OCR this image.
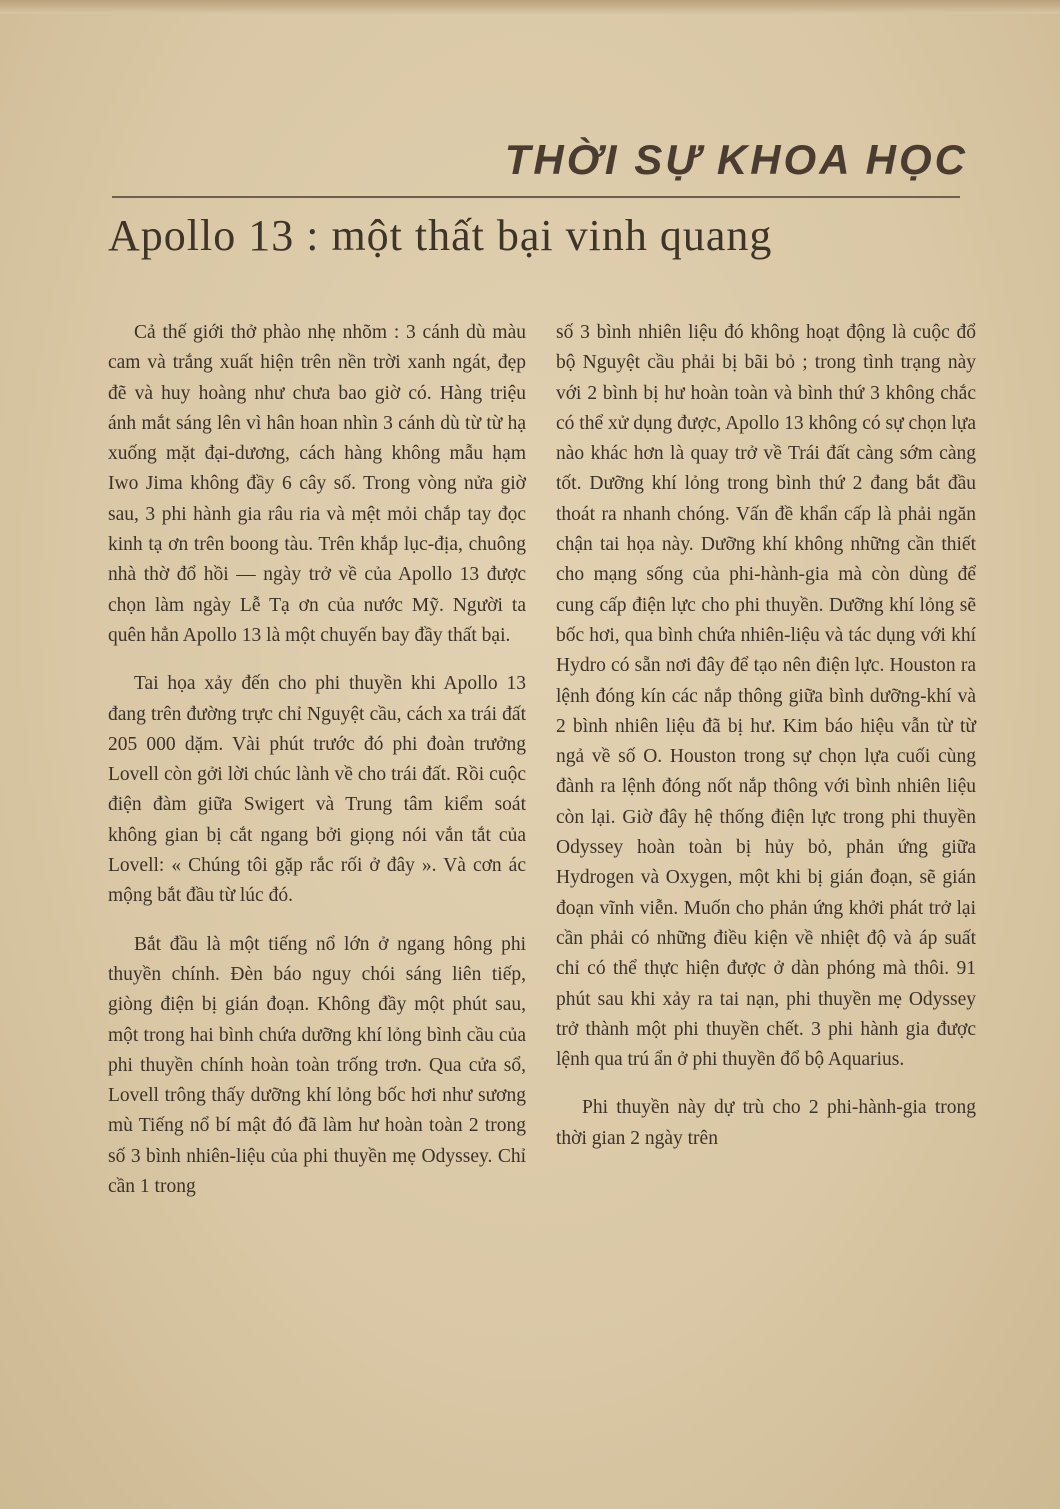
THỜI SỰ KHOA HỌC
Apollo 13 : một thất bại vinh quang

Cả thế giới thở phào nhẹ nhõm : 3 cánh dù màu cam và trắng xuất hiện trên nền trời xanh ngát, đẹp đẽ và huy hoàng như chưa bao giờ có. Hàng triệu ánh mắt sáng lên vì hân hoan nhìn 3 cánh dù từ từ hạ xuống mặt đại-dương, cách hàng không mẫu hạm Iwo Jima không đầy 6 cây số. Trong vòng nửa giờ sau, 3 phi hành gia râu ria và mệt mỏi chắp tay đọc kinh tạ ơn trên boong tàu. Trên khắp lục-địa, chuông nhà thờ đổ hồi — ngày trở về của Apollo 13 được chọn làm ngày Lễ Tạ ơn của nước Mỹ. Người ta quên hẳn Apollo 13 là một chuyến bay đầy thất bại.

Tai họa xảy đến cho phi thuyền khi Apollo 13 đang trên đường trực chỉ Nguyệt cầu, cách xa trái đất 205 000 dặm. Vài phút trước đó phi đoàn trưởng Lovell còn gởi lời chúc lành về cho trái đất. Rồi cuộc điện đàm giữa Swigert và Trung tâm kiểm soát không gian bị cắt ngang bởi giọng nói vắn tắt của Lovell: « Chúng tôi gặp rắc rối ở đây ». Và cơn ác mộng bắt đầu từ lúc đó.

Bắt đầu là một tiếng nổ lớn ở ngang hông phi thuyền chính. Đèn báo nguy chói sáng liên tiếp, giòng điện bị gián đoạn. Không đầy một phút sau, một trong hai bình chứa dưỡng khí lỏng bình cầu của phi thuyền chính hoàn toàn trống trơn. Qua cửa sổ, Lovell trông thấy dưỡng khí lỏng bốc hơi như sương mù Tiếng nổ bí mật đó đã làm hư hoàn toàn 2 trong số 3 bình nhiên-liệu của phi thuyền mẹ Odyssey. Chỉ cần 1 trong

số 3 bình nhiên liệu đó không hoạt động là cuộc đổ bộ Nguyệt cầu phải bị bãi bỏ ; trong tình trạng này với 2 bình bị hư hoàn toàn và bình thứ 3 không chắc có thể xử dụng được, Apollo 13 không có sự chọn lựa nào khác hơn là quay trở về Trái đất càng sớm càng tốt. Dưỡng khí lỏng trong bình thứ 2 đang bắt đầu thoát ra nhanh chóng. Vấn đề khẩn cấp là phải ngăn chận tai họa này. Dưỡng khí không những cần thiết cho mạng sống của phi-hành-gia mà còn dùng để cung cấp điện lực cho phi thuyền. Dưỡng khí lỏng sẽ bốc hơi, qua bình chứa nhiên-liệu và tác dụng với khí Hydro có sẵn nơi đây để tạo nên điện lực. Houston ra lệnh đóng kín các nắp thông giữa bình dưỡng-khí và 2 bình nhiên liệu đã bị hư. Kim báo hiệu vẫn từ từ ngả về số O. Houston trong sự chọn lựa cuối cùng đành ra lệnh đóng nốt nắp thông với bình nhiên liệu còn lại. Giờ đây hệ thống điện lực trong phi thuyền Odyssey hoàn toàn bị hủy bỏ, phản ứng giữa Hydrogen và Oxygen, một khi bị gián đoạn, sẽ gián đoạn vĩnh viễn. Muốn cho phản ứng khởi phát trở lại cần phải có những điều kiện về nhiệt độ và áp suất chỉ có thể thực hiện được ở dàn phóng mà thôi. 91 phút sau khi xảy ra tai nạn, phi thuyền mẹ Odyssey trở thành một phi thuyền chết. 3 phi hành gia được lệnh qua trú ẩn ở phi thuyền đổ bộ Aquarius.

Phi thuyền này dự trù cho 2 phi-hành-gia trong thời gian 2 ngày trên
